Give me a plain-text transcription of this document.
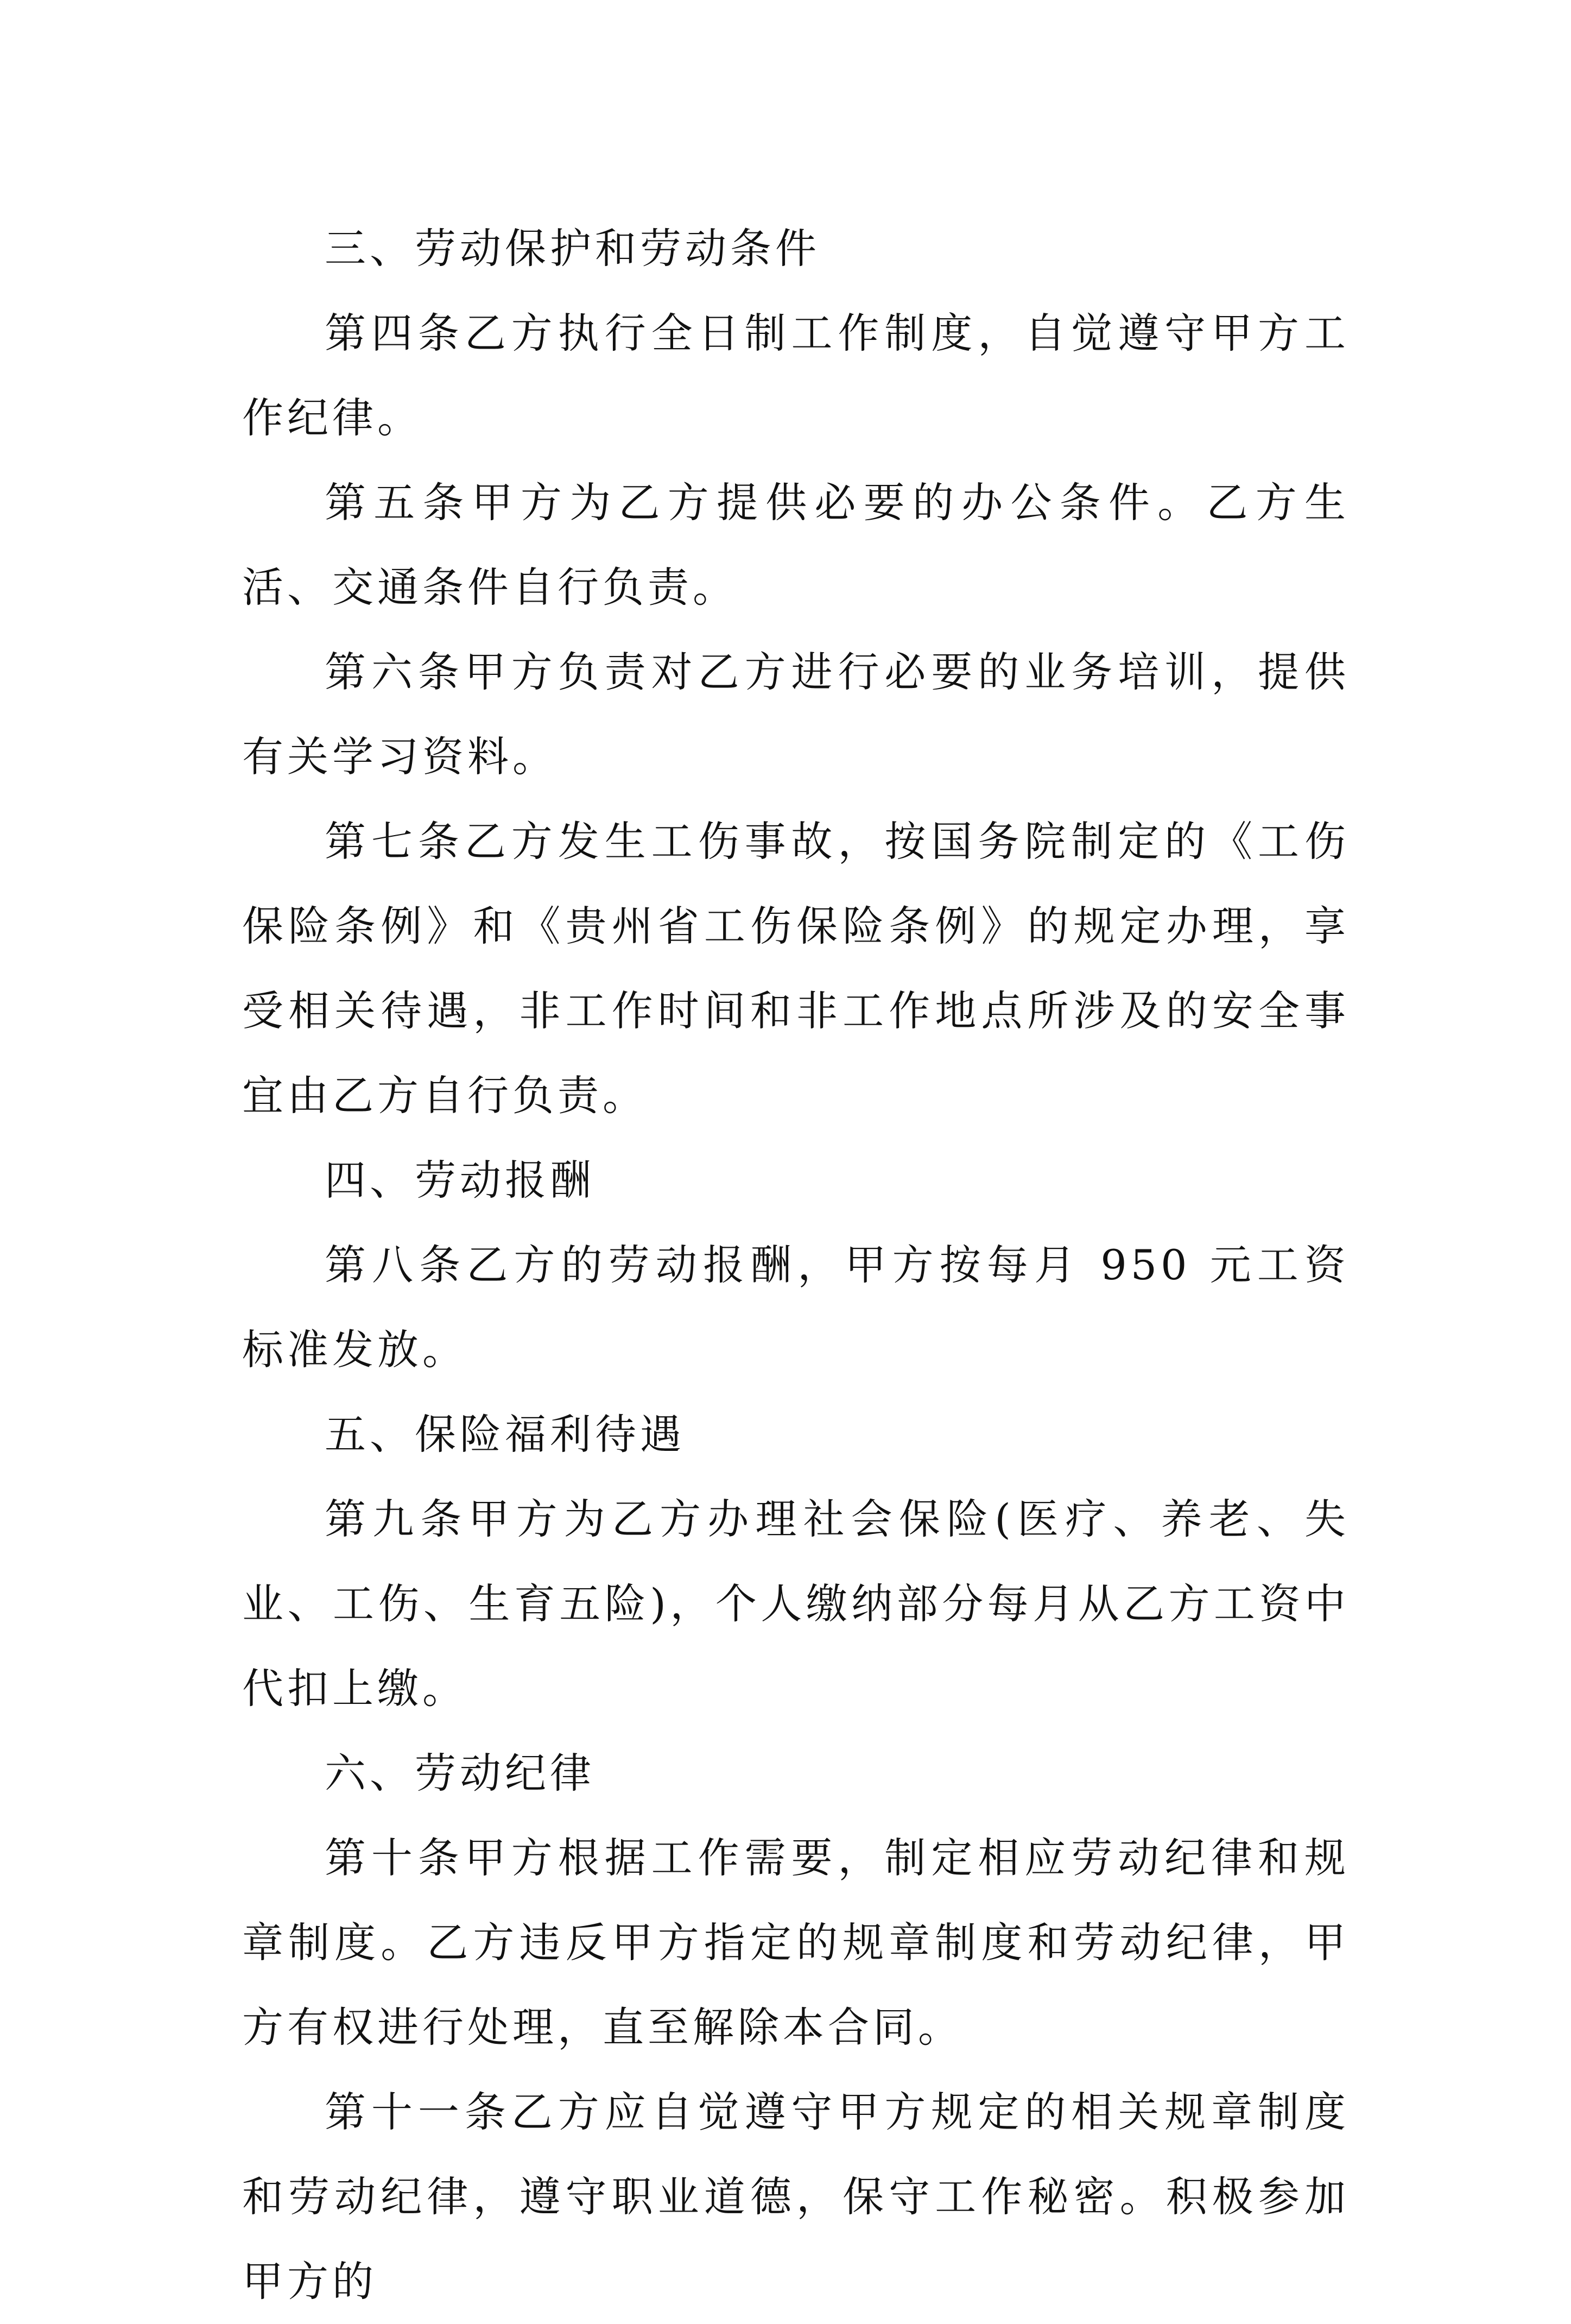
三、劳动保护和劳动条件

第四条乙方执行全日制工作制度，自觉遵守甲方工作纪律。

第五条甲方为乙方提供必要的办公条件。乙方生活、交通条件自行负责。

第六条甲方负责对乙方进行必要的业务培训，提供有关学习资料。

第七条乙方发生工伤事故，按国务院制定的《工伤保险条例》和《贵州省工伤保险条例》的规定办理，享受相关待遇，非工作时间和非工作地点所涉及的安全事宜由乙方自行负责。

四、劳动报酬

第八条乙方的劳动报酬，甲方按每月 950 元工资标准发放。

五、保险福利待遇

第九条甲方为乙方办理社会保险(医疗、养老、失业、工伤、生育五险)，个人缴纳部分每月从乙方工资中代扣上缴。

六、劳动纪律

第十条甲方根据工作需要，制定相应劳动纪律和规章制度。乙方违反甲方指定的规章制度和劳动纪律，甲方有权进行处理，直至解除本合同。

第十一条乙方应自觉遵守甲方规定的相关规章制度和劳动纪律，遵守职业道德，保守工作秘密。积极参加甲方的
